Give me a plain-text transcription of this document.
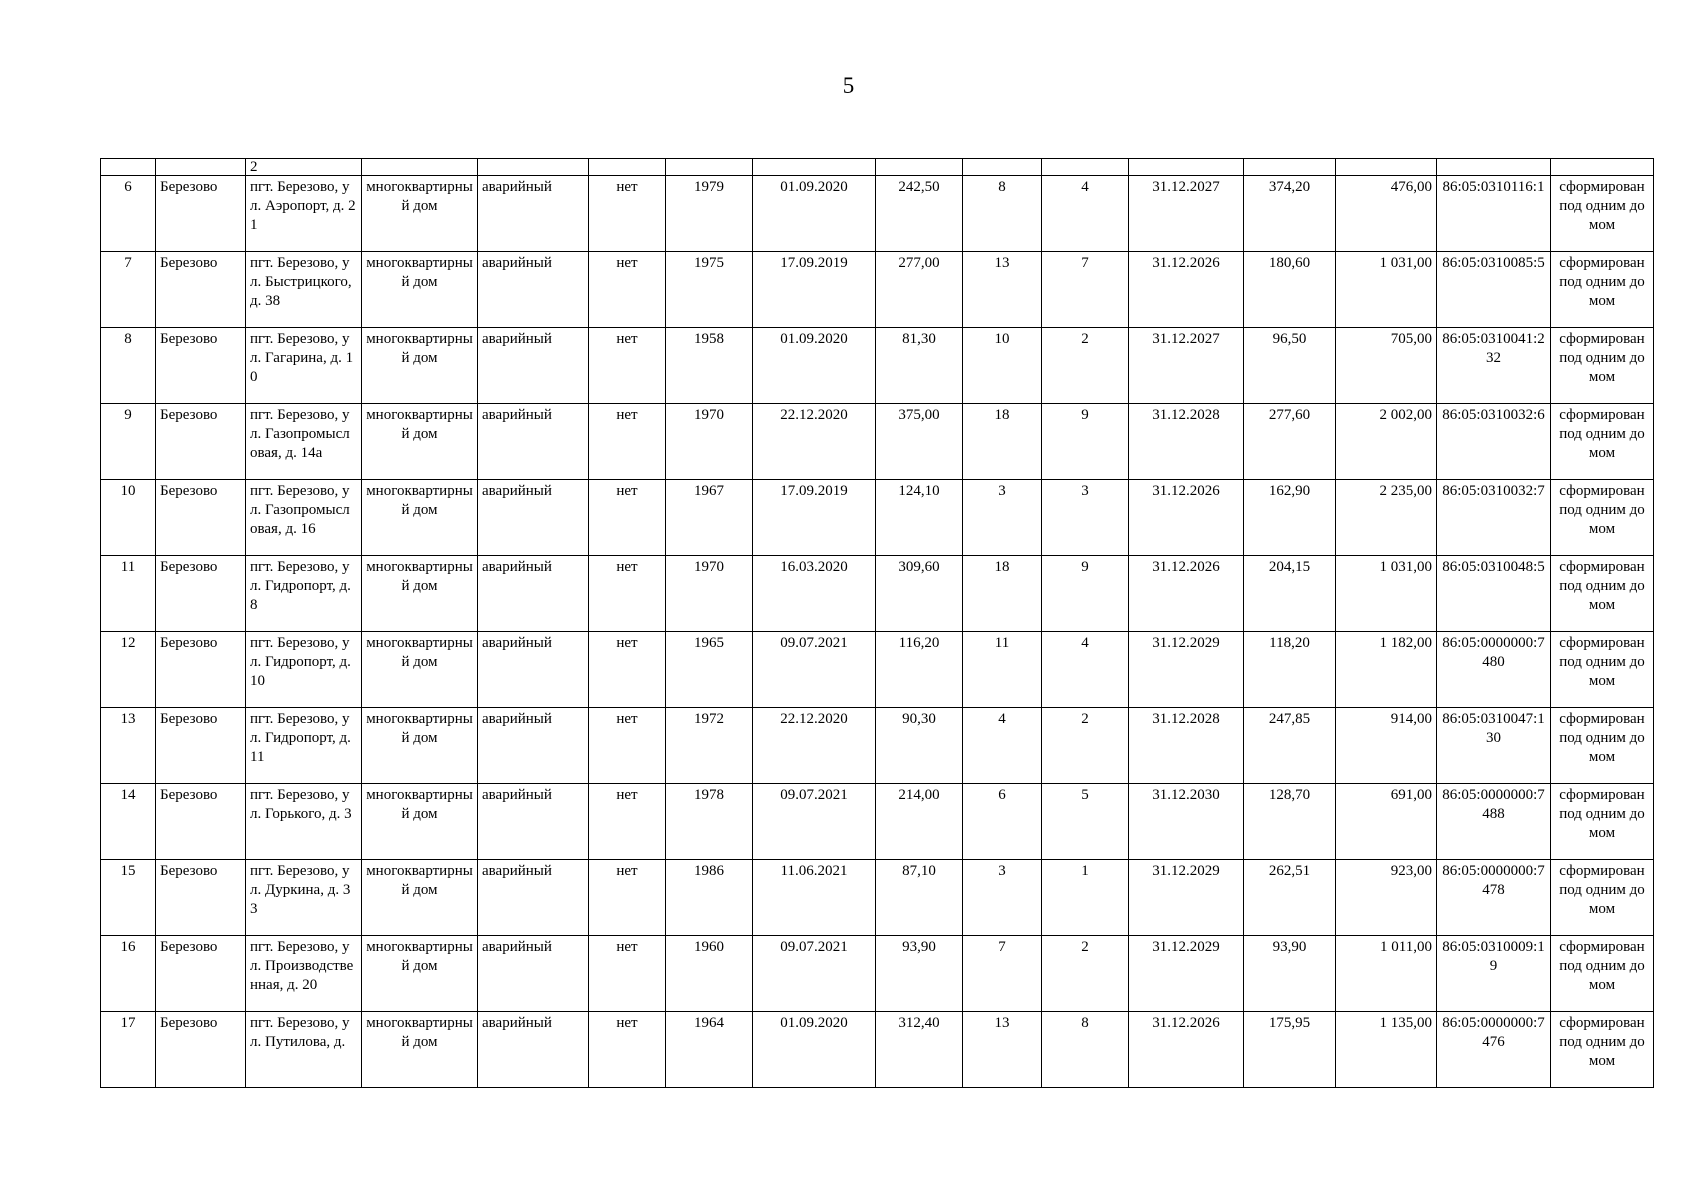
5
		2													
6	Березово	пгт. Березово, ул. Аэропорт, д. 21	многоквартирный дом	аварийный	нет	1979	01.09.2020	242,50	8	4	31.12.2027	374,20	476,00	86:05:0310116:1	сформирован под одним домом
7	Березово	пгт. Березово, ул. Быстрицкого, д. 38	многоквартирный дом	аварийный	нет	1975	17.09.2019	277,00	13	7	31.12.2026	180,60	1 031,00	86:05:0310085:5	сформирован под одним домом
8	Березово	пгт. Березово, ул. Гагарина, д. 10	многоквартирный дом	аварийный	нет	1958	01.09.2020	81,30	10	2	31.12.2027	96,50	705,00	86:05:0310041:232	сформирован под одним домом
9	Березово	пгт. Березово, ул. Газопромысловая, д. 14а	многоквартирный дом	аварийный	нет	1970	22.12.2020	375,00	18	9	31.12.2028	277,60	2 002,00	86:05:0310032:6	сформирован под одним домом
10	Березово	пгт. Березово, ул. Газопромысловая, д. 16	многоквартирный дом	аварийный	нет	1967	17.09.2019	124,10	3	3	31.12.2026	162,90	2 235,00	86:05:0310032:7	сформирован под одним домом
11	Березово	пгт. Березово, ул. Гидропорт, д. 8	многоквартирный дом	аварийный	нет	1970	16.03.2020	309,60	18	9	31.12.2026	204,15	1 031,00	86:05:0310048:5	сформирован под одним домом
12	Березово	пгт. Березово, ул. Гидропорт, д. 10	многоквартирный дом	аварийный	нет	1965	09.07.2021	116,20	11	4	31.12.2029	118,20	1 182,00	86:05:0000000:7480	сформирован под одним домом
13	Березово	пгт. Березово, ул. Гидропорт, д. 11	многоквартирный дом	аварийный	нет	1972	22.12.2020	90,30	4	2	31.12.2028	247,85	914,00	86:05:0310047:130	сформирован под одним домом
14	Березово	пгт. Березово, ул. Горького, д. 3	многоквартирный дом	аварийный	нет	1978	09.07.2021	214,00	6	5	31.12.2030	128,70	691,00	86:05:0000000:7488	сформирован под одним домом
15	Березово	пгт. Березово, ул. Дуркина, д. 33	многоквартирный дом	аварийный	нет	1986	11.06.2021	87,10	3	1	31.12.2029	262,51	923,00	86:05:0000000:7478	сформирован под одним домом
16	Березово	пгт. Березово, ул. Производственная, д. 20	многоквартирный дом	аварийный	нет	1960	09.07.2021	93,90	7	2	31.12.2029	93,90	1 011,00	86:05:0310009:19	сформирован под одним домом
17	Березово	пгт. Березово, ул. Путилова, д.	многоквартирный дом	аварийный	нет	1964	01.09.2020	312,40	13	8	31.12.2026	175,95	1 135,00	86:05:0000000:7476	сформирован под одним домом
